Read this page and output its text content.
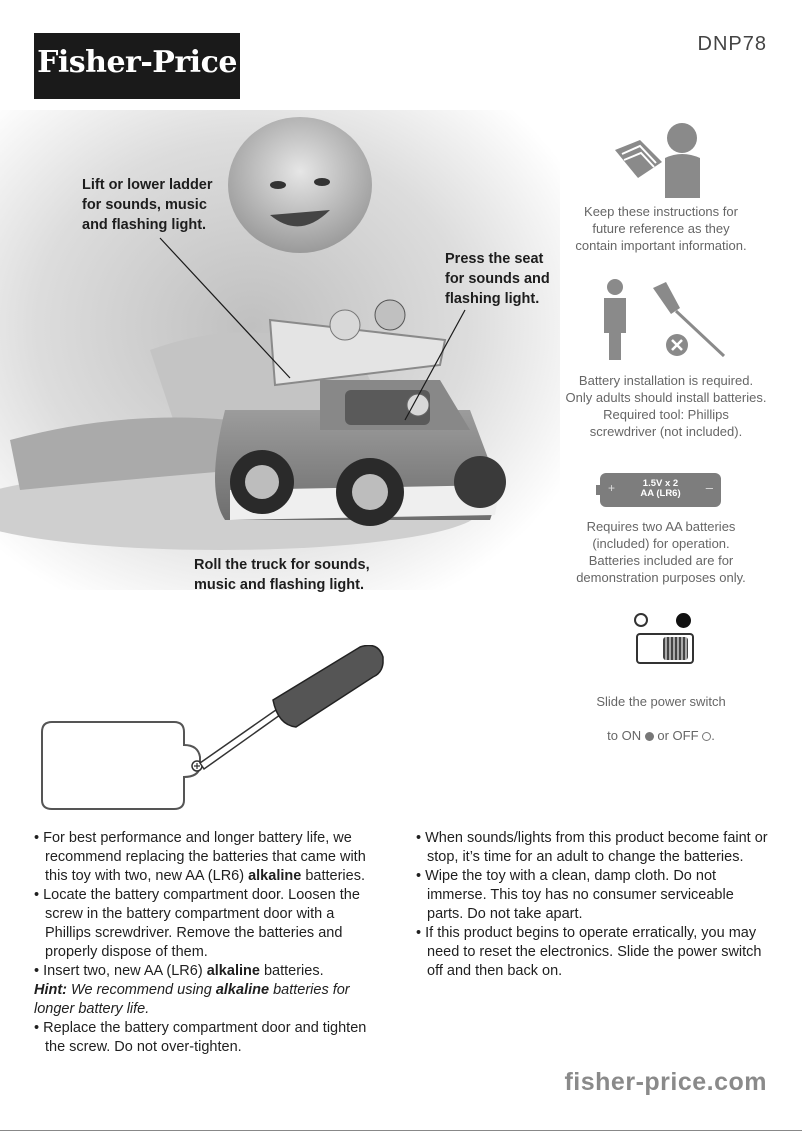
Fisher-Price
DNP78
Lift or lower ladder
for sounds, music
and flashing light.
Press the seat
for sounds and
flashing light.
Roll the truck for sounds,
music and flashing light.
Keep these instructions for
future reference as they
contain important information.
Battery installation is required.
Only adults should install batteries.
Required tool: Phillips
screwdriver (not included).
+	–
1.5V x 2
AA (LR6)
Requires two AA batteries
(included) for operation.
Batteries included are for
demonstration purposes only.

Slide the power switch

to ON or OFF .

• For best performance and longer battery life, we recommend replacing the batteries that came with this toy with two, new AA (LR6) alkaline batteries.

• Locate the battery compartment door. Loosen the screw in the battery compartment door with a Phillips screwdriver. Remove the batteries and properly dispose of them.

• Insert two, new AA (LR6) alkaline batteries.

Hint: We recommend using alkaline batteries for longer battery life.

• Replace the battery compartment door and tighten the screw. Do not over-tighten.

• When sounds/lights from this product become faint or stop, it’s time for an adult to change the batteries.

• Wipe the toy with a clean, damp cloth. Do not immerse. This toy has no consumer serviceable parts. Do not take apart.

• If this product begins to operate erratically, you may need to reset the electronics. Slide the power switch off and then back on.

fisher-price.com
